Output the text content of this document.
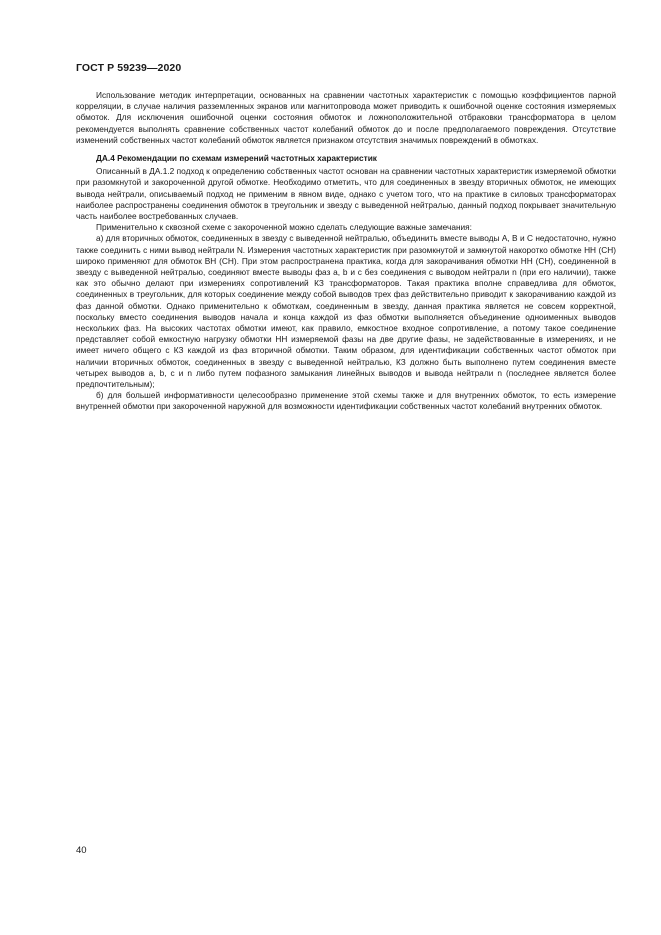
ГОСТ Р 59239—2020

Использование методик интерпретации, основанных на сравнении частотных характеристик с помощью коэффициентов парной корреляции, в случае наличия разземленных экранов или магнитопровода может приводить к ошибочной оценке состояния измеряемых обмоток. Для исключения ошибочной оценки состояния обмоток и ложноположительной отбраковки трансформатора в целом рекомендуется выполнять сравнение собственных частот колебаний обмоток до и после предполагаемого повреждения. Отсутствие изменений собственных частот колебаний обмоток является признаком отсутствия значимых повреждений в обмотках.

ДА.4 Рекомендации по схемам измерений частотных характеристик

Описанный в ДА.1.2 подход к определению собственных частот основан на сравнении частотных характеристик измеряемой обмотки при разомкнутой и закороченной другой обмотке. Необходимо отметить, что для соединенных в звезду вторичных обмоток, не имеющих вывода нейтрали, описываемый подход не применим в явном виде, однако с учетом того, что на практике в силовых трансформаторах наиболее распространены соединения обмоток в треугольник и звезду с выведенной нейтралью, данный подход покрывает значительную часть наиболее востребованных случаев.

Применительно к сквозной схеме с закороченной можно сделать следующие важные замечания:

а) для вторичных обмоток, соединенных в звезду с выведенной нейтралью, объединить вместе выводы А, В и С недостаточно, нужно также соединить с ними вывод нейтрали N. Измерения частотных характеристик при разомкнутой и замкнутой накоротко обмотке НН (СН) широко применяют для обмоток ВН (СН). При этом распространена практика, когда для закорачивания обмотки НН (СН), соединенной в звезду с выведенной нейтралью, соединяют вместе выводы фаз a, b и c без соединения с выводом нейтрали n (при его наличии), также как это обычно делают при измерениях сопротивлений КЗ трансформаторов. Такая практика вполне справедлива для обмоток, соединенных в треугольник, для которых соединение между собой выводов трех фаз действительно приводит к закорачиванию каждой из фаз данной обмотки. Однако применительно к обмоткам, соединенным в звезду, данная практика является не совсем корректной, поскольку вместо соединения выводов начала и конца каждой из фаз обмотки выполняется объединение одноименных выводов нескольких фаз. На высоких частотах обмотки имеют, как правило, емкостное входное сопротивление, а потому такое соединение представляет собой емкостную нагрузку обмотки НН измеряемой фазы на две другие фазы, не задействованные в измерениях, и не имеет ничего общего с КЗ каждой из фаз вторичной обмотки. Таким образом, для идентификации собственных частот обмоток при наличии вторичных обмоток, соединенных в звезду с выведенной нейтралью, КЗ должно быть выполнено путем соединения вместе четырех выводов a, b, c и n либо путем пофазного замыкания линейных выводов и вывода нейтрали n (последнее является более предпочтительным);

б) для большей информативности целесообразно применение этой схемы также и для внутренних обмоток, то есть измерение внутренней обмотки при закороченной наружной для возможности идентификации собственных частот колебаний внутренних обмоток.

40
